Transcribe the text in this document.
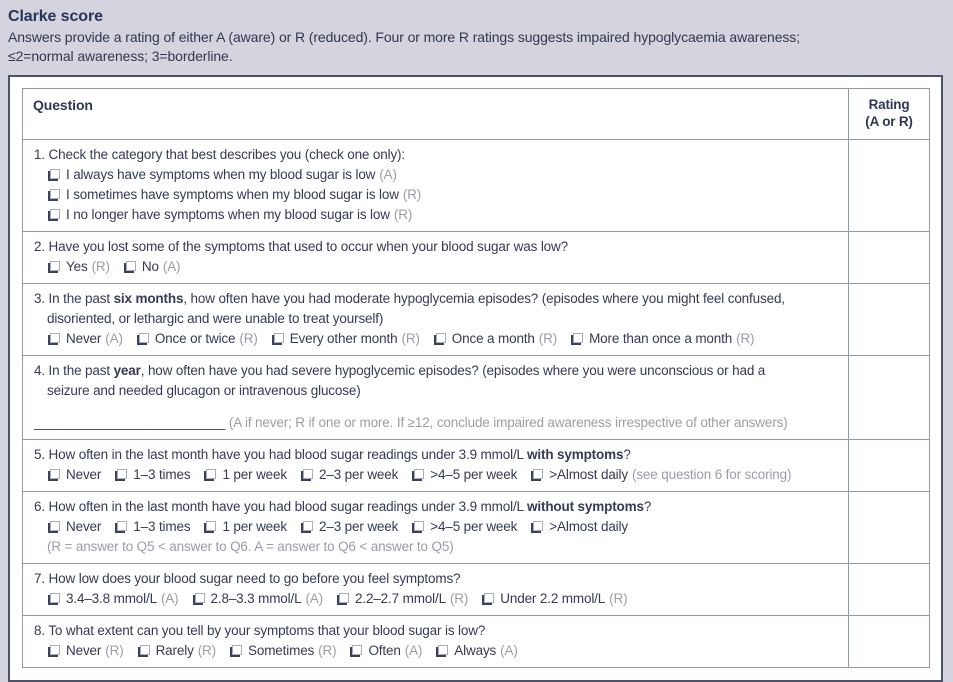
Clarke score

Answers provide a rating of either A (aware) or R (reduced). Four or more R ratings suggests impaired hypoglycaemia awareness;
≤2=normal awareness; 3=borderline.

Question	Rating
(A or R)

1. Check the category that best describes you (check one only):
I always have symptoms when my blood sugar is low (A)
I sometimes have symptoms when my blood sugar is low (R)
I no longer have symptoms when my blood sugar is low (R)	

2. Have you lost some of the symptoms that used to occur when your blood sugar was low?
Yes (R) No (A)	

3. In the past six months, how often have you had moderate hypoglycemia episodes? (episodes where you might feel confused,
disoriented, or lethargic and were unable to treat yourself)
Never (A) Once or twice (R) Every other month (R) Once a month (R) More than once a month (R)	

4. In the past year, how often have you had severe hypoglycemic episodes? (episodes where you were unconscious or had a
seizure and needed glucagon or intravenous glucose)
__________________________ (A if never; R if one or more. If ≥12, conclude impaired awareness irrespective of other answers)	

5. How often in the last month have you had blood sugar readings under 3.9 mmol/L with symptoms?
Never 1–3 times 1 per week 2–3 per week >4–5 per week >Almost daily (see question 6 for scoring)	

6. How often in the last month have you had blood sugar readings under 3.9 mmol/L without symptoms?
Never 1–3 times 1 per week 2–3 per week >4–5 per week >Almost daily
(R = answer to Q5 < answer to Q6. A = answer to Q6 < answer to Q5)	

7. How low does your blood sugar need to go before you feel symptoms?
3.4–3.8 mmol/L (A) 2.8–3.3 mmol/L (A) 2.2–2.7 mmol/L (R) Under 2.2 mmol/L (R)	

8. To what extent can you tell by your symptoms that your blood sugar is low?
Never (R) Rarely (R) Sometimes (R) Often (A) Always (A)	
